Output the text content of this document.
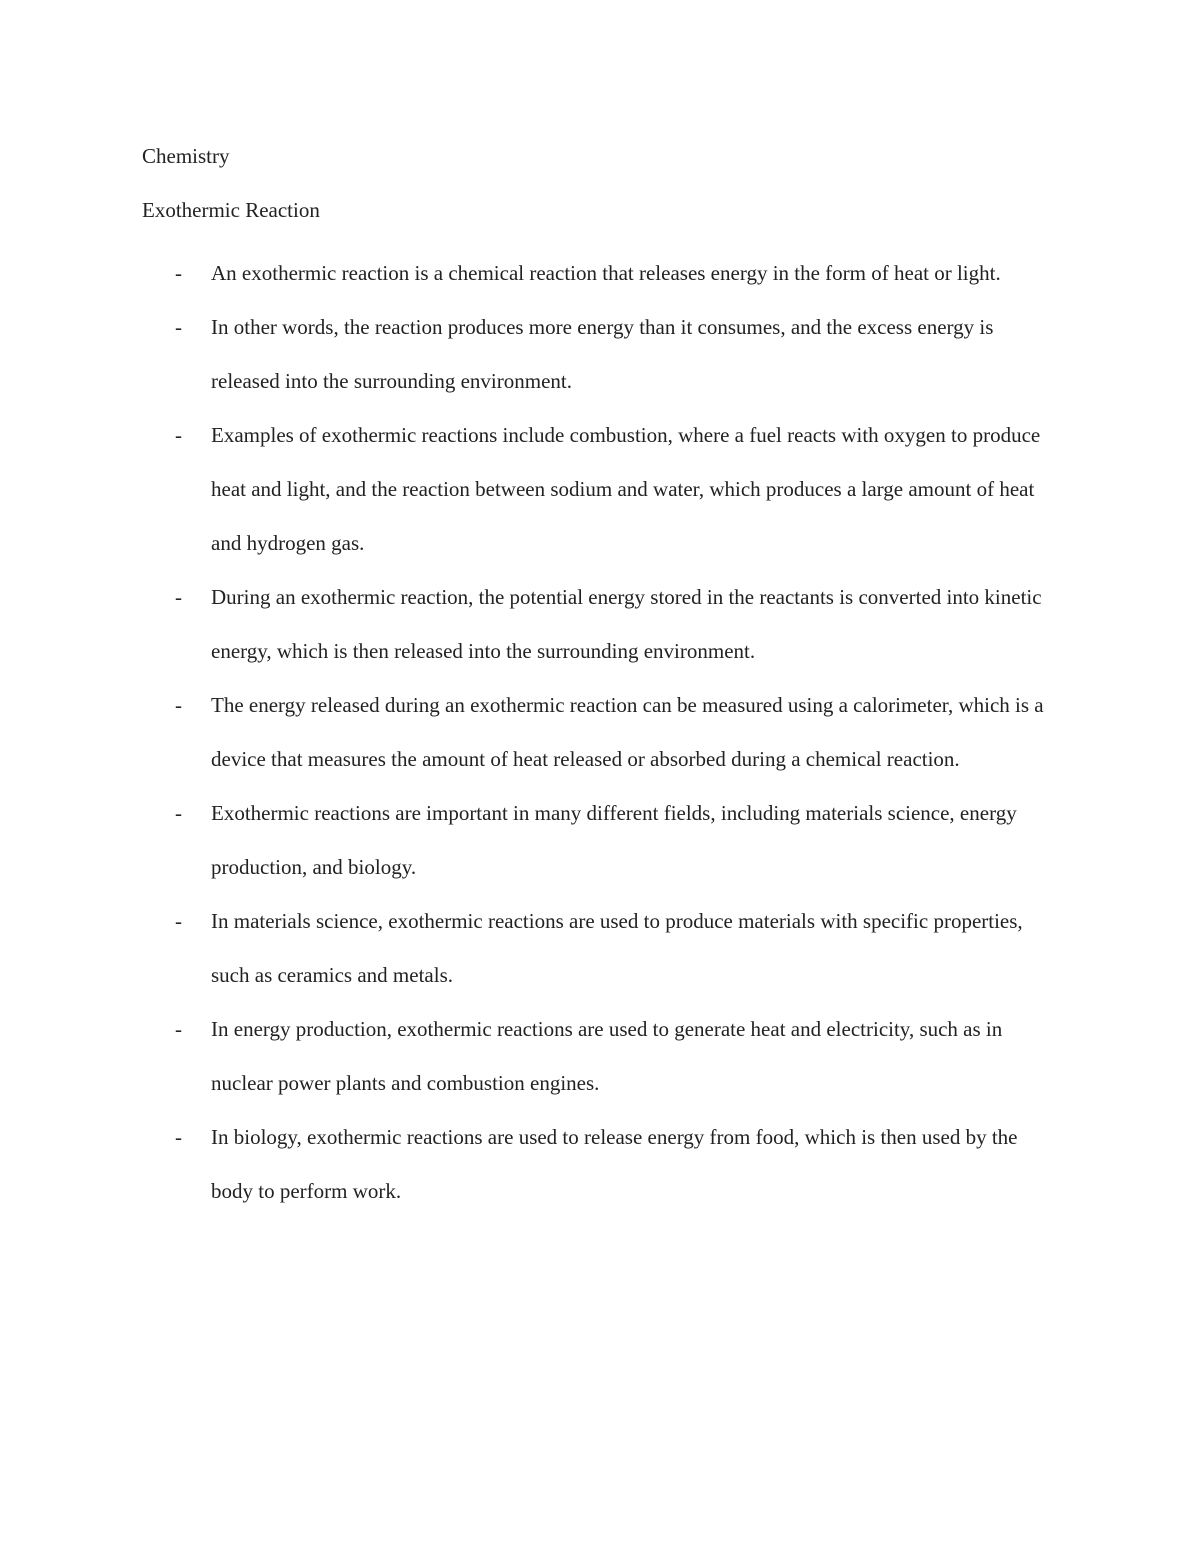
Chemistry
Exothermic Reaction
- An exothermic reaction is a chemical reaction that releases energy in the form of heat or light.
- In other words, the reaction produces more energy than it consumes, and the excess energy is released into the surrounding environment.
- Examples of exothermic reactions include combustion, where a fuel reacts with oxygen to produce heat and light, and the reaction between sodium and water, which produces a large amount of heat and hydrogen gas.
- During an exothermic reaction, the potential energy stored in the reactants is converted into kinetic energy, which is then released into the surrounding environment.
- The energy released during an exothermic reaction can be measured using a calorimeter, which is a device that measures the amount of heat released or absorbed during a chemical reaction.
- Exothermic reactions are important in many different fields, including materials science, energy production, and biology.
- In materials science, exothermic reactions are used to produce materials with specific properties, such as ceramics and metals.
- In energy production, exothermic reactions are used to generate heat and electricity, such as in nuclear power plants and combustion engines.
- In biology, exothermic reactions are used to release energy from food, which is then used by the body to perform work.
